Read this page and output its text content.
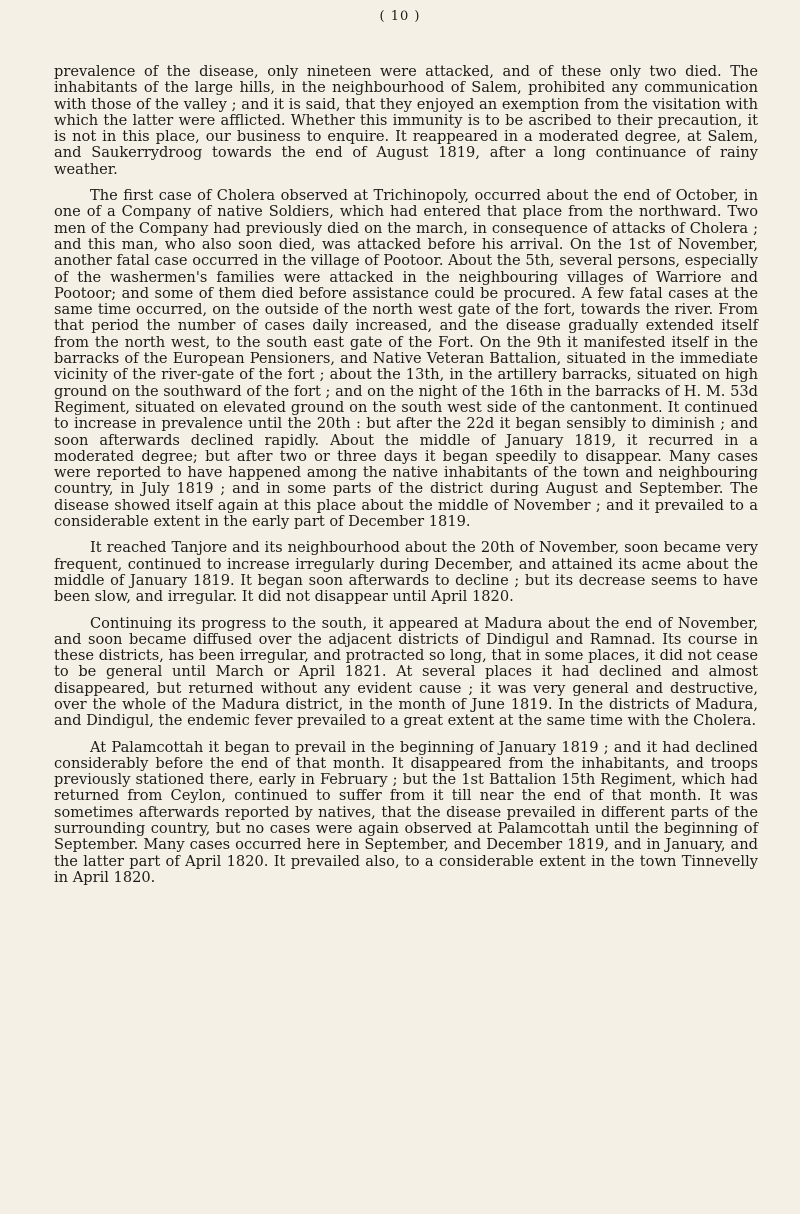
( 10 )

prevalence of the disease, only nineteen were attacked, and of these only two died. The inhabitants of the large hills, in the neighbourhood of Salem, prohibited any communication with those of the valley ; and it is said, that they enjoyed an exemption from the visitation with which the latter were afflicted. Whether this immunity is to be ascribed to their precaution, it is not in this place, our business to enquire. It reappeared in a moderated degree, at Salem, and Saukerrydroog towards the end of August 1819, after a long continuance of rainy weather.

The first case of Cholera observed at Trichinopoly, occurred about the end of October, in one of a Company of native Soldiers, which had entered that place from the northward. Two men of the Company had previously died on the march, in consequence of attacks of Cholera ; and this man, who also soon died, was attacked before his arrival. On the 1st of November, another fatal case occurred in the village of Pootoor. About the 5th, several persons, especially of the washermen's families were attacked in the neighbouring villages of Warriore and Pootoor; and some of them died before assistance could be procured. A few fatal cases at the same time occurred, on the outside of the north west gate of the fort, towards the river. From that period the number of cases daily increased, and the disease gradually extended itself from the north west, to the south east gate of the Fort. On the 9th it manifested itself in the barracks of the European Pensioners, and Native Veteran Battalion, situated in the immediate vicinity of the river-gate of the fort ; about the 13th, in the artillery barracks, situated on high ground on the southward of the fort ; and on the night of the 16th in the barracks of H. M. 53d Regiment, situated on elevated ground on the south west side of the cantonment. It continued to increase in prevalence until the 20th : but after the 22d it began sensibly to diminish ; and soon afterwards declined rapidly. About the middle of January 1819, it recurred in a moderated degree; but after two or three days it began speedily to disappear. Many cases were reported to have happened among the native inhabitants of the town and neighbouring country, in July 1819 ; and in some parts of the district during August and September. The disease showed itself again at this place about the middle of November ; and it prevailed to a considerable extent in the early part of December 1819.

It reached Tanjore and its neighbourhood about the 20th of November, soon became very frequent, continued to increase irregularly during December, and attained its acme about the middle of January 1819. It began soon afterwards to decline ; but its decrease seems to have been slow, and irregular. It did not disappear until April 1820.

Continuing its progress to the south, it appeared at Madura about the end of November, and soon became diffused over the adjacent districts of Dindigul and Ramnad. Its course in these districts, has been irregular, and protracted so long, that in some places, it did not cease to be general until March or April 1821. At several places it had declined and almost disappeared, but returned without any evident cause ; it was very general and destructive, over the whole of the Madura district, in the month of June 1819. In the districts of Madura, and Dindigul, the endemic fever prevailed to a great extent at the same time with the Cholera.

At Palamcottah it began to prevail in the beginning of January 1819 ; and it had declined considerably before the end of that month. It disappeared from the inhabitants, and troops previously stationed there, early in February ; but the 1st Battalion 15th Regiment, which had returned from Ceylon, continued to suffer from it till near the end of that month. It was sometimes afterwards reported by natives, that the disease prevailed in different parts of the surrounding country, but no cases were again observed at Palamcottah until the beginning of September. Many cases occurred here in September, and December 1819, and in January, and the latter part of April 1820. It prevailed also, to a considerable extent in the town Tinnevelly in April 1820.
